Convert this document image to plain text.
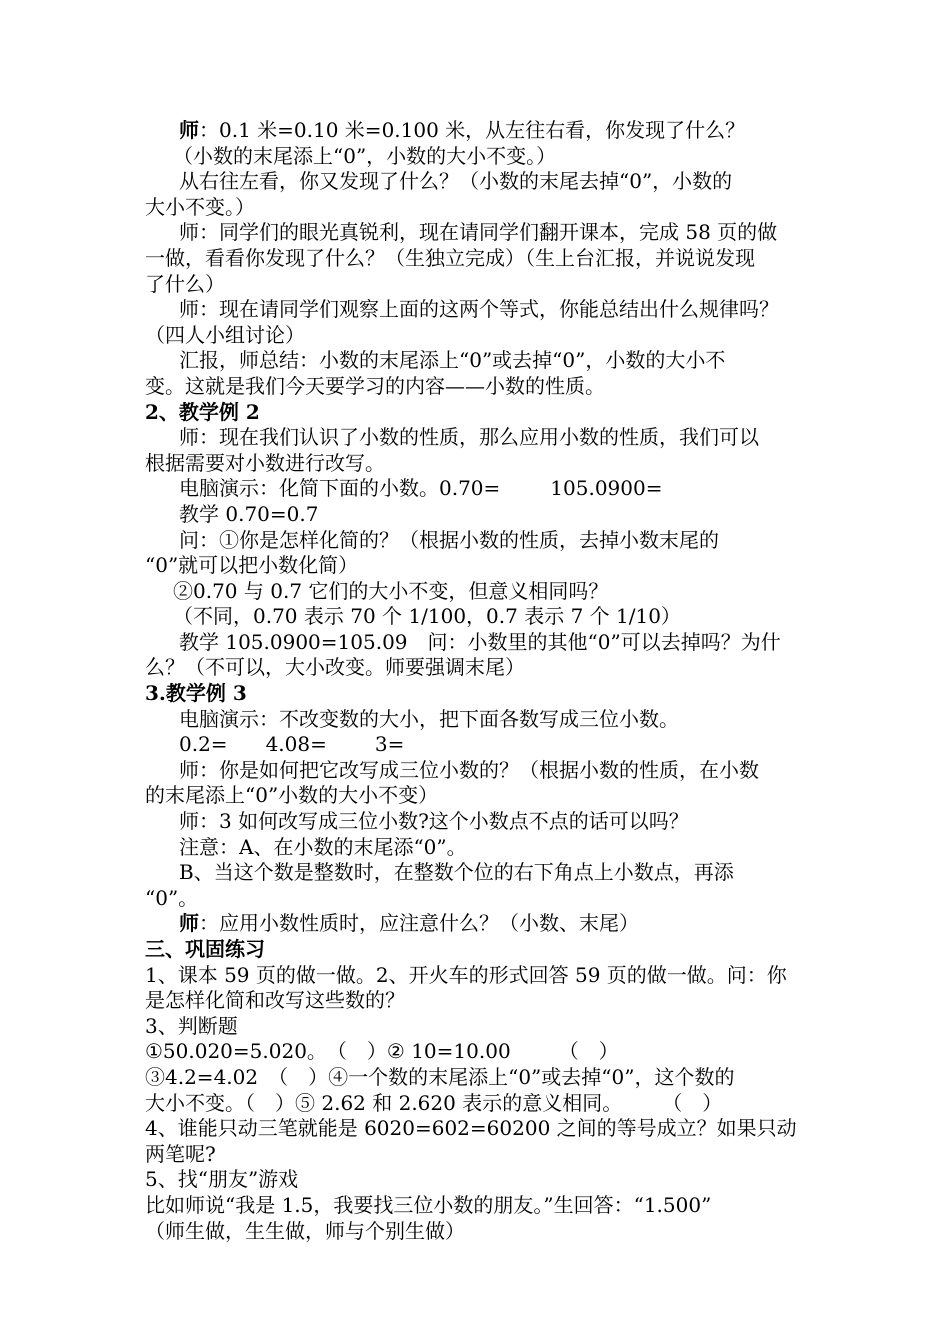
师：0.1 米=0.10 米=0.100 米，从左往右看，你发现了什么？
（小数的末尾添上“0”，小数的大小不变。）
从右往左看，你又发现了什么？（小数的末尾去掉“0”，小数的
大小不变。）
师：同学们的眼光真锐利，现在请同学们翻开课本，完成 58 页的做
一做，看看你发现了什么？（生独立完成）（生上台汇报，并说说发现
了什么）
师：现在请同学们观察上面的这两个等式，你能总结出什么规律吗？
（四人小组讨论）
汇报，师总结：小数的末尾添上“0”或去掉“0”，小数的大小不
变。这就是我们今天要学习的内容——小数的性质。
2、教学例 2
师：现在我们认识了小数的性质，那么应用小数的性质，我们可以
根据需要对小数进行改写。
电脑演示：化简下面的小数。0.70=	105.0900=
教学 0.70=0.7
问：①你是怎样化简的？（根据小数的性质，去掉小数末尾的
“0”就可以把小数化简）
②0.70 与 0.7 它们的大小不变，但意义相同吗？
（不同，0.70 表示 70 个 1/100，0.7 表示 7 个 1/10）
教学 105.0900=105.09　问：小数里的其他“0”可以去掉吗？为什
么？（不可以，大小改变。师要强调末尾）
3.教学例 3
电脑演示：不改变数的大小，把下面各数写成三位小数。
0.2= 4.08= 3=
师：你是如何把它改写成三位小数的？（根据小数的性质，在小数
的末尾添上“0”小数的大小不变）
师：3 如何改写成三位小数?这个小数点不点的话可以吗？
注意：A、在小数的末尾添“0”。
B、当这个数是整数时，在整数个位的右下角点上小数点，再添
“0”。
师：应用小数性质时，应注意什么？（小数、末尾）
三、巩固练习
1、课本 59 页的做一做。2、开火车的形式回答 59 页的做一做。问：你
是怎样化简和改写这些数的？
3、判断题
①50.020=5.020。　（　）② 10=10.00 （　）
③4.2=4.02　（　）④一个数的末尾添上“0”或去掉“0”，这个数的
大小不变。（　）⑤ 2.62 和 2.620 表示的意义相同。 （　）
4、谁能只动三笔就能是 6020=602=60200 之间的等号成立？如果只动
两笔呢?
5、找“朋友”游戏
比如师说“我是 1.5，我要找三位小数的朋友。”生回答：“1.500”
（师生做，生生做，师与个别生做）
